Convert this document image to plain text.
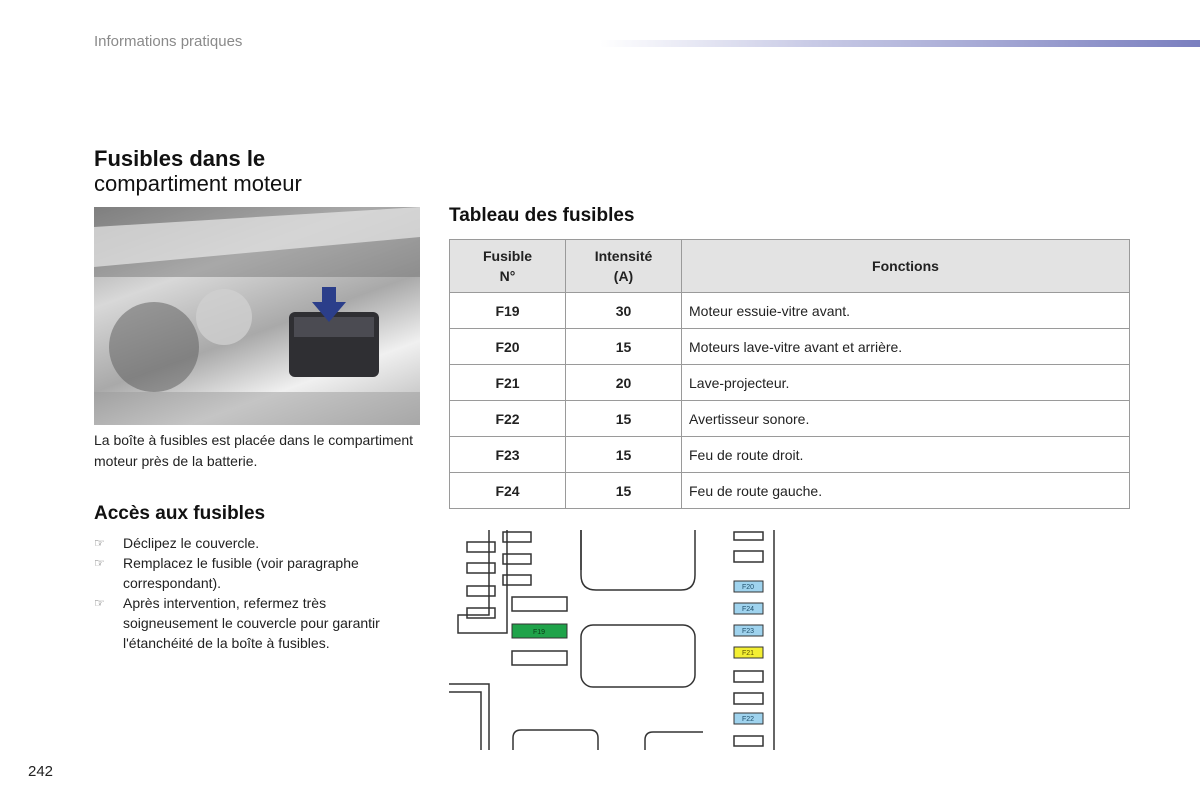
Informations pratiques
Fusibles dans le
compartiment moteur
La boîte à fusibles est placée dans le compartiment moteur près de la batterie.
Accès aux fusibles
☞ Déclipez le couvercle.
☞ Remplacez le fusible (voir paragraphe correspondant).
☞ Après intervention, refermez très soigneusement le couvercle pour garantir l'étanchéité de la boîte à fusibles.
Tableau des fusibles
Fusible N°	Intensité (A)	Fonctions
F19	30	Moteur essuie-vitre avant.
F20	15	Moteurs lave-vitre avant et arrière.
F21	20	Lave-projecteur.
F22	15	Avertisseur sonore.
F23	15	Feu de route droit.
F24	15	Feu de route gauche.
F19
F20
F24
F23
F21
F22
242
